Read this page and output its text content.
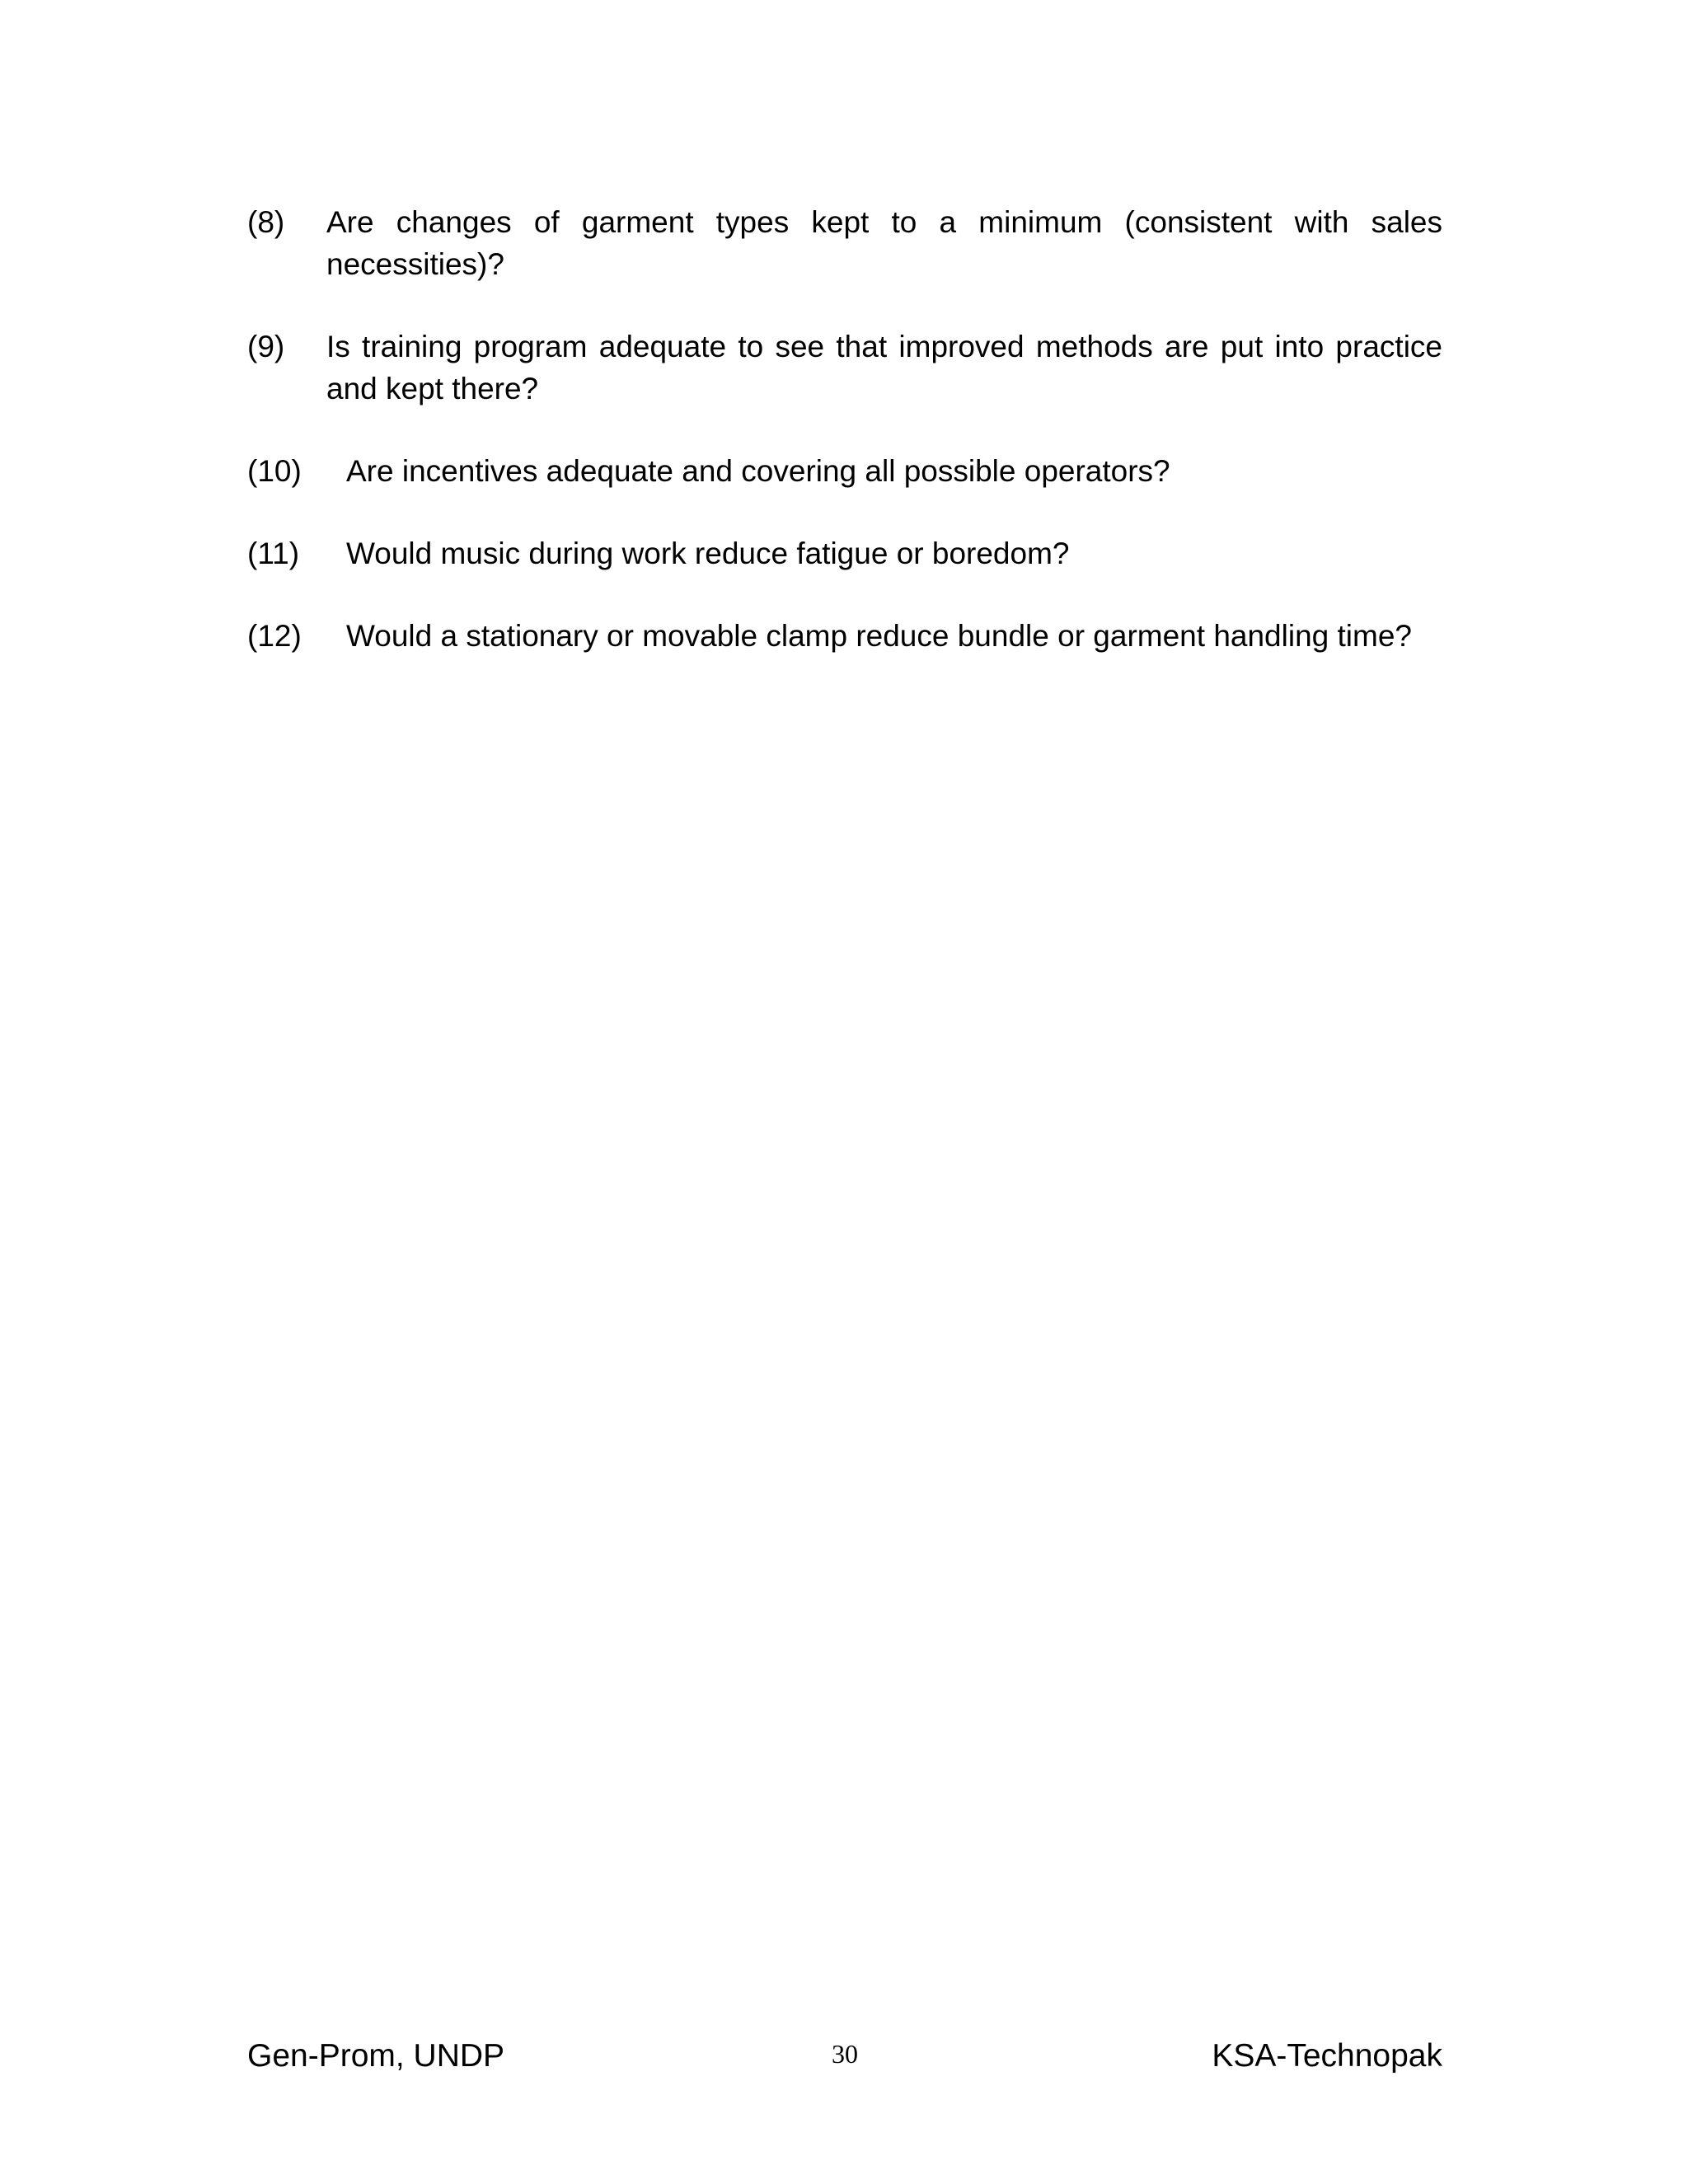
(8) Are changes of garment types kept to a minimum (consistent with sales necessities)?
(9) Is training program adequate to see that improved methods are put into practice and kept there?
(10) Are incentives adequate and covering all possible operators?
(11) Would music during work reduce fatigue or boredom?
(12) Would a stationary or movable clamp reduce bundle or garment handling time?
Gen-Prom, UNDP	30	KSA-Technopak
